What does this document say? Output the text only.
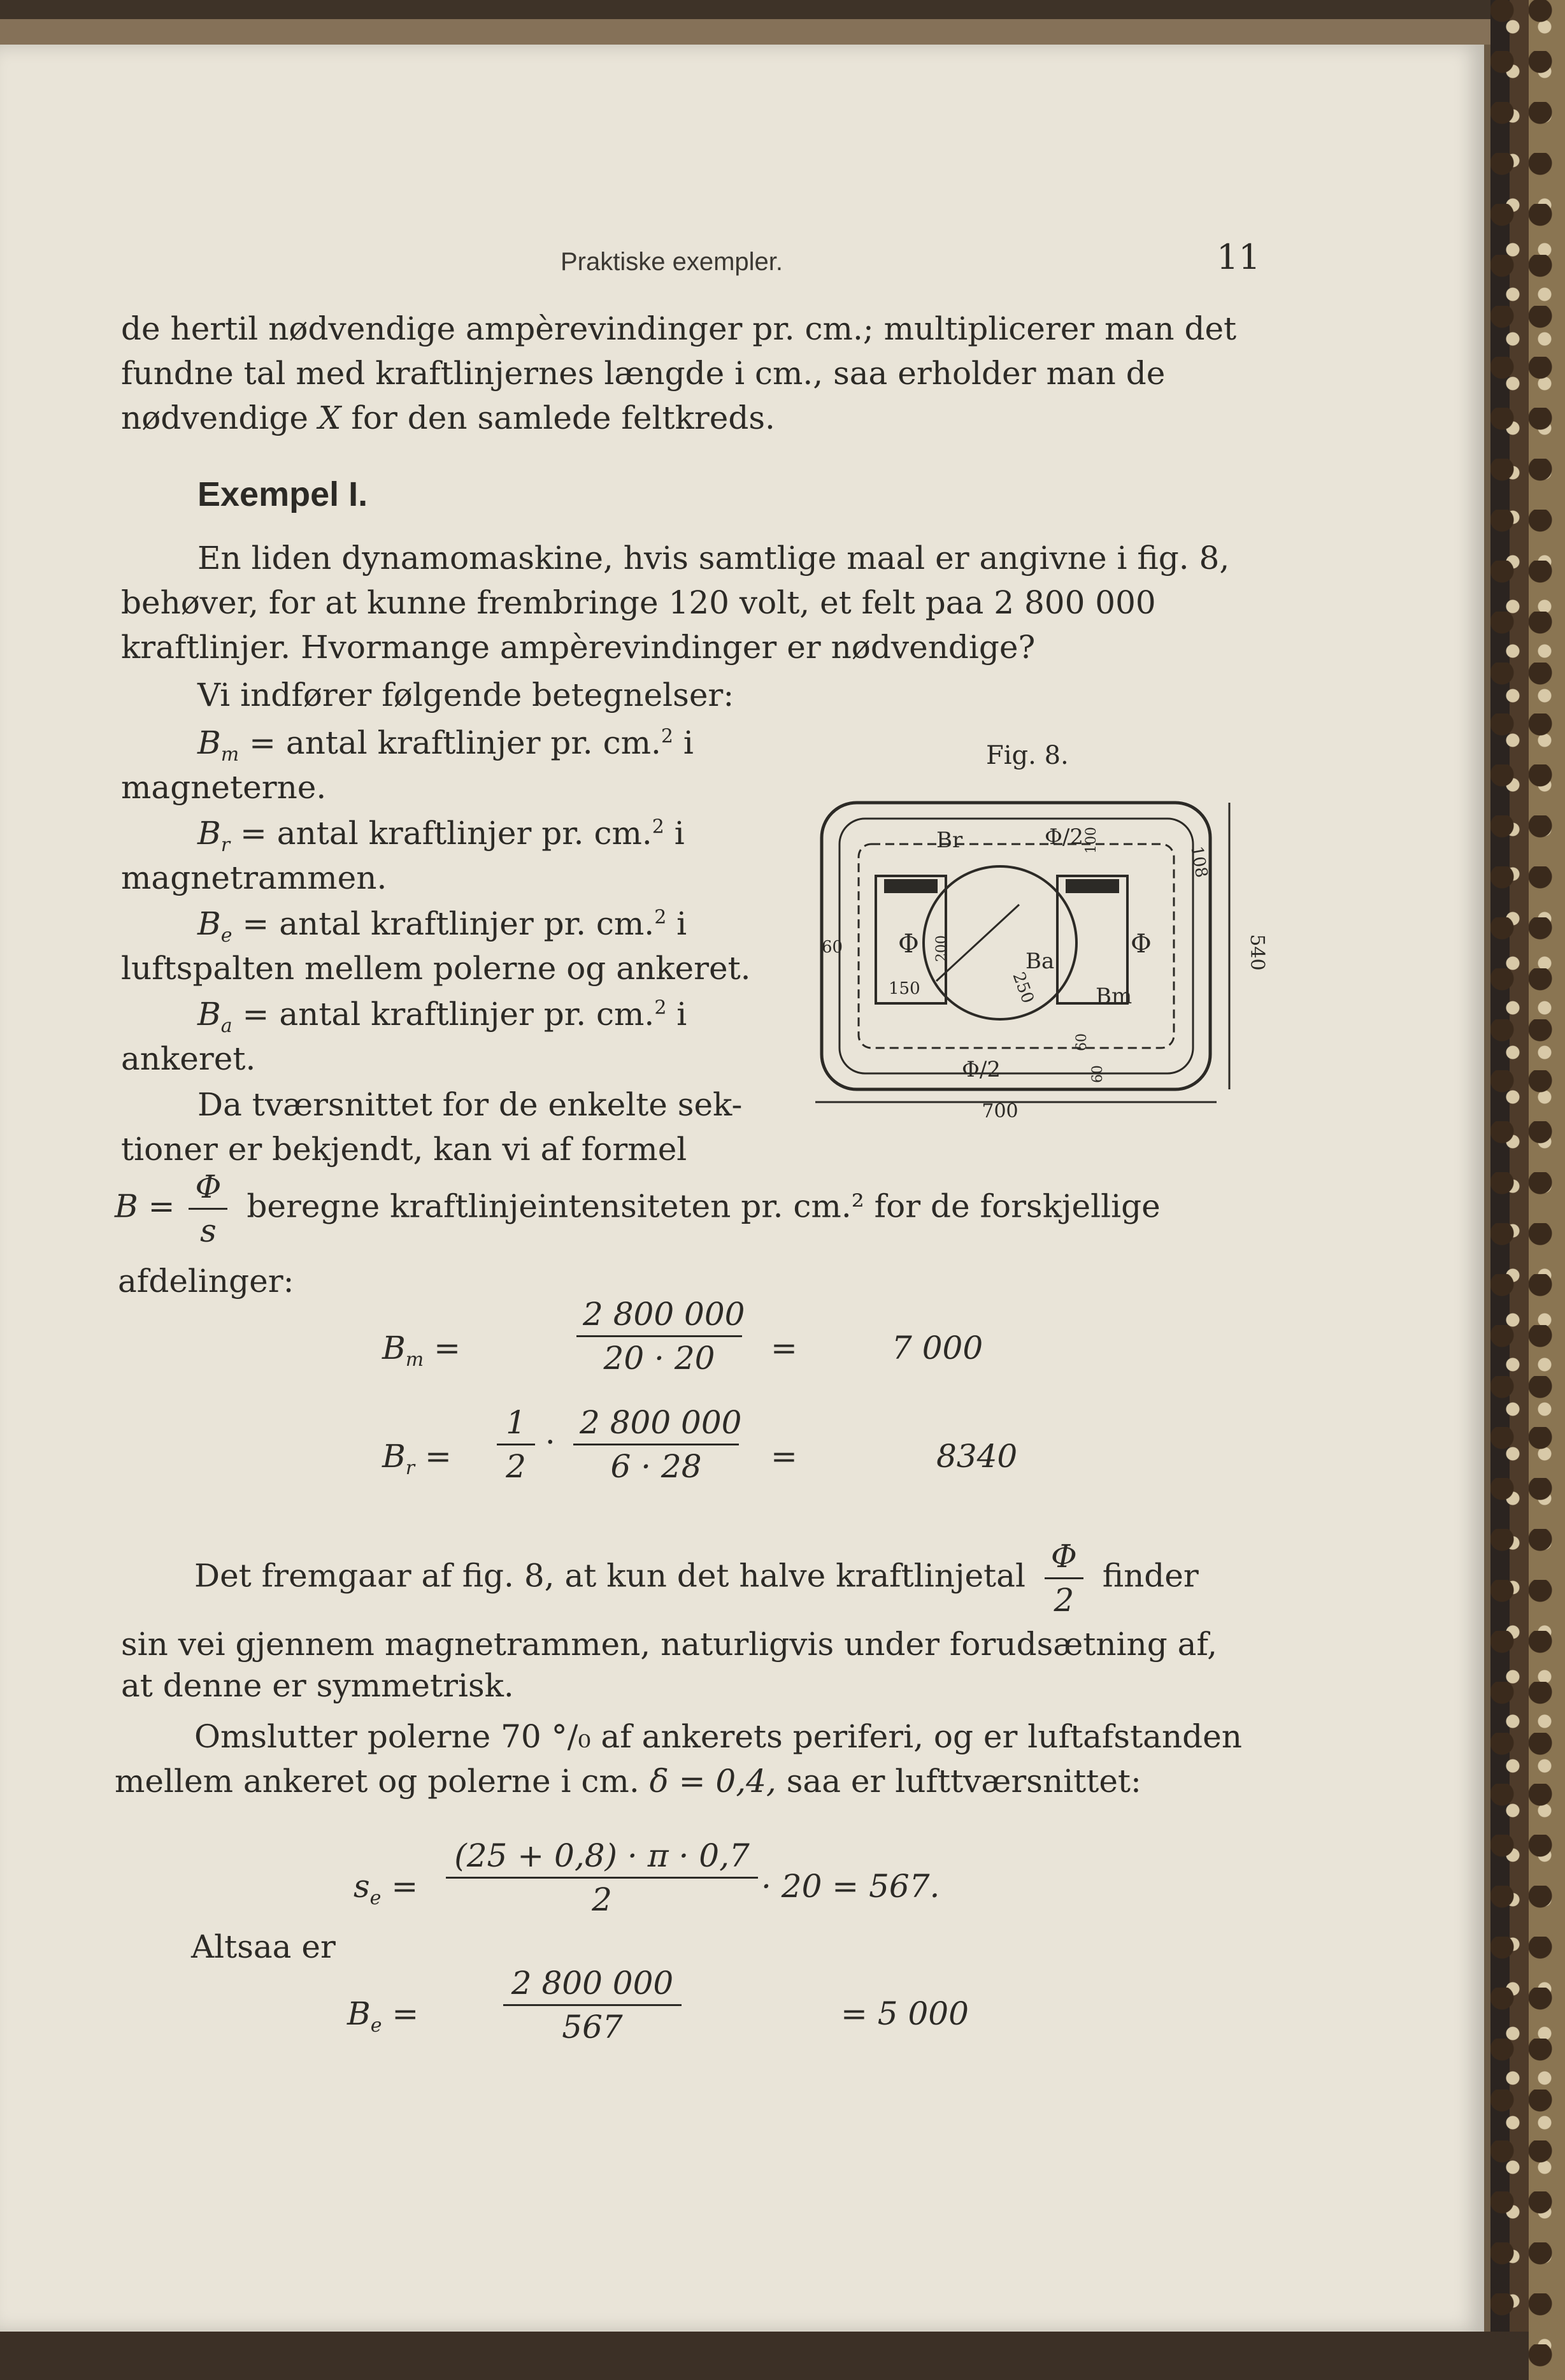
Praktiske exempler.	11
de hertil nødvendige ampèrevindinger pr. cm.; multiplicerer man det
fundne tal med kraftlinjernes længde i cm., saa erholder man de
nødvendige X for den samlede feltkreds.
Exempel I.
En liden dynamomaskine, hvis samtlige maal er angivne i fig. 8,
behøver, for at kunne frembringe 120 volt, et felt paa 2 800 000
kraftlinjer. Hvormange ampèrevindinger er nødvendige?
Vi indfører følgende betegnelser:
$B_m$ = antal kraftlinjer pr. cm.$^2$ i
magneterne.
$B_r$ = antal kraftlinjer pr. cm.$^2$ i
magnetrammen.
$B_e$ = antal kraftlinjer pr. cm.$^2$ i
luftspalten mellem polerne og ankeret.
$B_a$ = antal kraftlinjer pr. cm.$^2$ i
ankeret.
Da tværsnittet for de enkelte sek-
tioner er bekjendt, kan vi af formel
$B = \frac{\Phi}{s}$ beregne kraftlinjeintensiteten pr. cm.² for de forskjellige
afdelinger:
Fig. 8.
700
540
108
60
150
200
250
60
100
60
Φ	Φ
Φ/2
Φ/2
Br
Ba
Bm
$B_m$ =	$\frac{2 800 000}{20 \cdot 20}$ =	7 000
$B_r = \frac{1}{2} \cdot \frac{2 800 000}{6 \cdot 28}$ =	8340
Det fremgaar af fig. 8, at kun det halve kraftlinjetal $\frac{\Phi}{2}$ finder
sin vei gjennem magnetrammen, naturligvis under forudsætning af,
at denne er symmetrisk.
Omslutter polerne 70 °/₀ af ankerets periferi, og er luftafstanden
mellem ankeret og polerne i cm. δ = 0,4, saa er lufttværsnittet:
$s_e = \frac{(25 + 0,8) \cdot \pi \cdot 0,7}{2} \cdot 20 = 567$.
Altsaa er
$B_e$ =	$\frac{2 800 000}{567}$	= 5 000
